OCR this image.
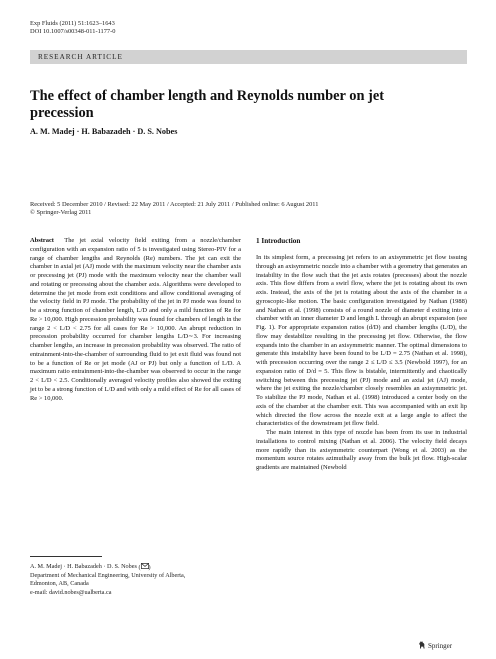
Exp Fluids (2011) 51:1623–1643
DOI 10.1007/s00348-011-1177-0
RESEARCH ARTICLE
The effect of chamber length and Reynolds number on jet precession
A. M. Madej · H. Babazadeh · D. S. Nobes
Received: 5 December 2010 / Revised: 22 May 2011 / Accepted: 21 July 2011 / Published online: 6 August 2011
© Springer-Verlag 2011

Abstract The jet axial velocity field exiting from a nozzle/chamber configuration with an expansion ratio of 5 is investigated using Stereo-PIV for a range of chamber lengths and Reynolds (Re) numbers. The jet can exit the chamber in axial jet (AJ) mode with the maximum velocity near the chamber axis or precessing jet (PJ) mode with the maximum velocity near the chamber wall and rotating or precessing about the chamber axis. Algorithms were developed to determine the jet mode from exit conditions and allow conditional averaging of the velocity field in PJ mode. The probability of the jet in PJ mode was found to be a strong function of chamber length, L/D and only a mild function of Re for Re > 10,000. High precession probability was found for chambers of length in the range 2 < L/D < 2.75 for all cases for Re > 10,000. An abrupt reduction in precession probability occurred for chamber lengths L/D∼3. For increasing chamber lengths, an increase in precession probability was observed. The ratio of entrainment-into-the-chamber of surrounding fluid to jet exit fluid was found not to be a function of Re or jet mode (AJ or PJ) but only a function of L/D. A maximum ratio entrainment-into-the-chamber was observed to occur in the range 2 < L/D < 2.5. Conditionally averaged velocity profiles also showed the exiting jet to be a strong function of L/D and with only a mild effect of Re for all cases of Re > 10,000.

A. M. Madej · H. Babazadeh · D. S. Nobes ( )
Department of Mechanical Engineering, University of Alberta,
Edmonton, AB, Canada
e-mail: david.nobes@ualberta.ca
1 Introduction

In its simplest form, a precessing jet refers to an axisymmetric jet flow issuing through an axisymmetric nozzle into a chamber with a geometry that generates an instability in the flow such that the jet axis rotates (precesses) about the nozzle axis. This flow differs from a swirl flow, where the jet is rotating about its own axis. Instead, the axis of the jet is rotating about the axis of the chamber in a gyroscopic-like motion. The basic configuration investigated by Nathan (1988) and Nathan et al. (1998) consists of a round nozzle of diameter d exiting into a chamber with an inner diameter D and length L through an abrupt expansion (see Fig. 1). For appropriate expansion ratios (d/D) and chamber lengths (L/D), the flow may destabilize resulting in the precessing jet flow. Otherwise, the flow expands into the chamber in an axisymmetric manner. The optimal dimensions to generate this instability have been found to be L/D = 2.75 (Nathan et al. 1998), with precession occurring over the range 2 ≤ L/D ≤ 3.5 (Newbold 1997), for an expansion ratio of D/d = 5. This flow is bistable, intermittently and chaotically switching between this precessing jet (PJ) mode and an axial jet (AJ) mode, where the jet exiting the nozzle/chamber closely resembles an axisymmetric jet. To stabilize the PJ mode, Nathan et al. (1998) introduced a center body on the axis of the chamber at the chamber exit. This was accompanied with an exit lip which directed the flow across the nozzle exit at a large angle to affect the characteristics of the downstream jet flow field.

The main interest in this type of nozzle has been from its use in industrial installations to control mixing (Nathan et al. 2006). The velocity field decays more rapidly than its axisymmetric counterpart (Wong et al. 2003) as the momentum source rotates azimuthally away from the bulk jet flow. High-scalar gradients are maintained (Newbold

Springer
